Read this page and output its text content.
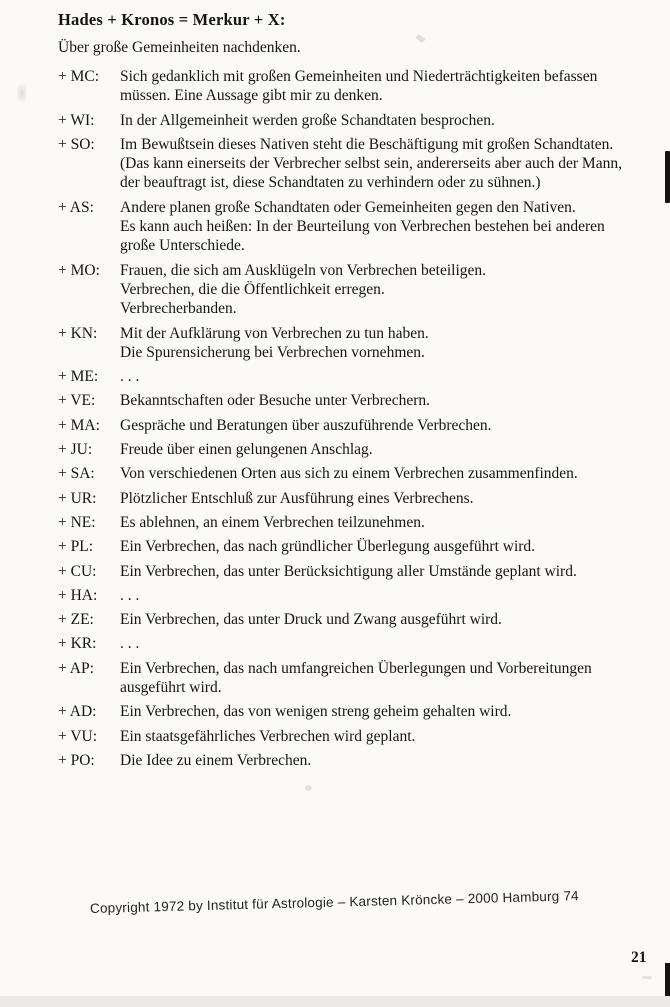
Hades + Kronos = Merkur + X:
Über große Gemeinheiten nachdenken.
+ MC:	Sich gedanklich mit großen Gemeinheiten und Niederträchtigkeiten befassen
müssen. Eine Aussage gibt mir zu denken.
+ WI:	In der Allgemeinheit werden große Schandtaten besprochen.
+ SO:	Im Bewußtsein dieses Nativen steht die Beschäftigung mit großen Schandtaten.
(Das kann einerseits der Verbrecher selbst sein, andererseits aber auch der Mann,
der beauftragt ist, diese Schandtaten zu verhindern oder zu sühnen.)
+ AS:	Andere planen große Schandtaten oder Gemeinheiten gegen den Nativen.
Es kann auch heißen: In der Beurteilung von Verbrechen bestehen bei anderen
große Unterschiede.
+ MO:	Frauen, die sich am Ausklügeln von Verbrechen beteiligen.
Verbrechen, die die Öffentlichkeit erregen.
Verbrecherbanden.
+ KN:	Mit der Aufklärung von Verbrechen zu tun haben.
Die Spurensicherung bei Verbrechen vornehmen.
+ ME:	. . .
+ VE:	Bekanntschaften oder Besuche unter Verbrechern.
+ MA:	Gespräche und Beratungen über auszuführende Verbrechen.
+ JU:	Freude über einen gelungenen Anschlag.
+ SA:	Von verschiedenen Orten aus sich zu einem Verbrechen zusammenfinden.
+ UR:	Plötzlicher Entschluß zur Ausführung eines Verbrechens.
+ NE:	Es ablehnen, an einem Verbrechen teilzunehmen.
+ PL:	Ein Verbrechen, das nach gründlicher Überlegung ausgeführt wird.
+ CU:	Ein Verbrechen, das unter Berücksichtigung aller Umstände geplant wird.
+ HA:	. . .
+ ZE:	Ein Verbrechen, das unter Druck und Zwang ausgeführt wird.
+ KR:	. . .
+ AP:	Ein Verbrechen, das nach umfangreichen Überlegungen und Vorbereitungen
ausgeführt wird.
+ AD:	Ein Verbrechen, das von wenigen streng geheim gehalten wird.
+ VU:	Ein staatsgefährliches Verbrechen wird geplant.
+ PO:	Die Idee zu einem Verbrechen.
Copyright 1972 by Institut für Astrologie – Karsten Kröncke – 2000 Hamburg 74
21
